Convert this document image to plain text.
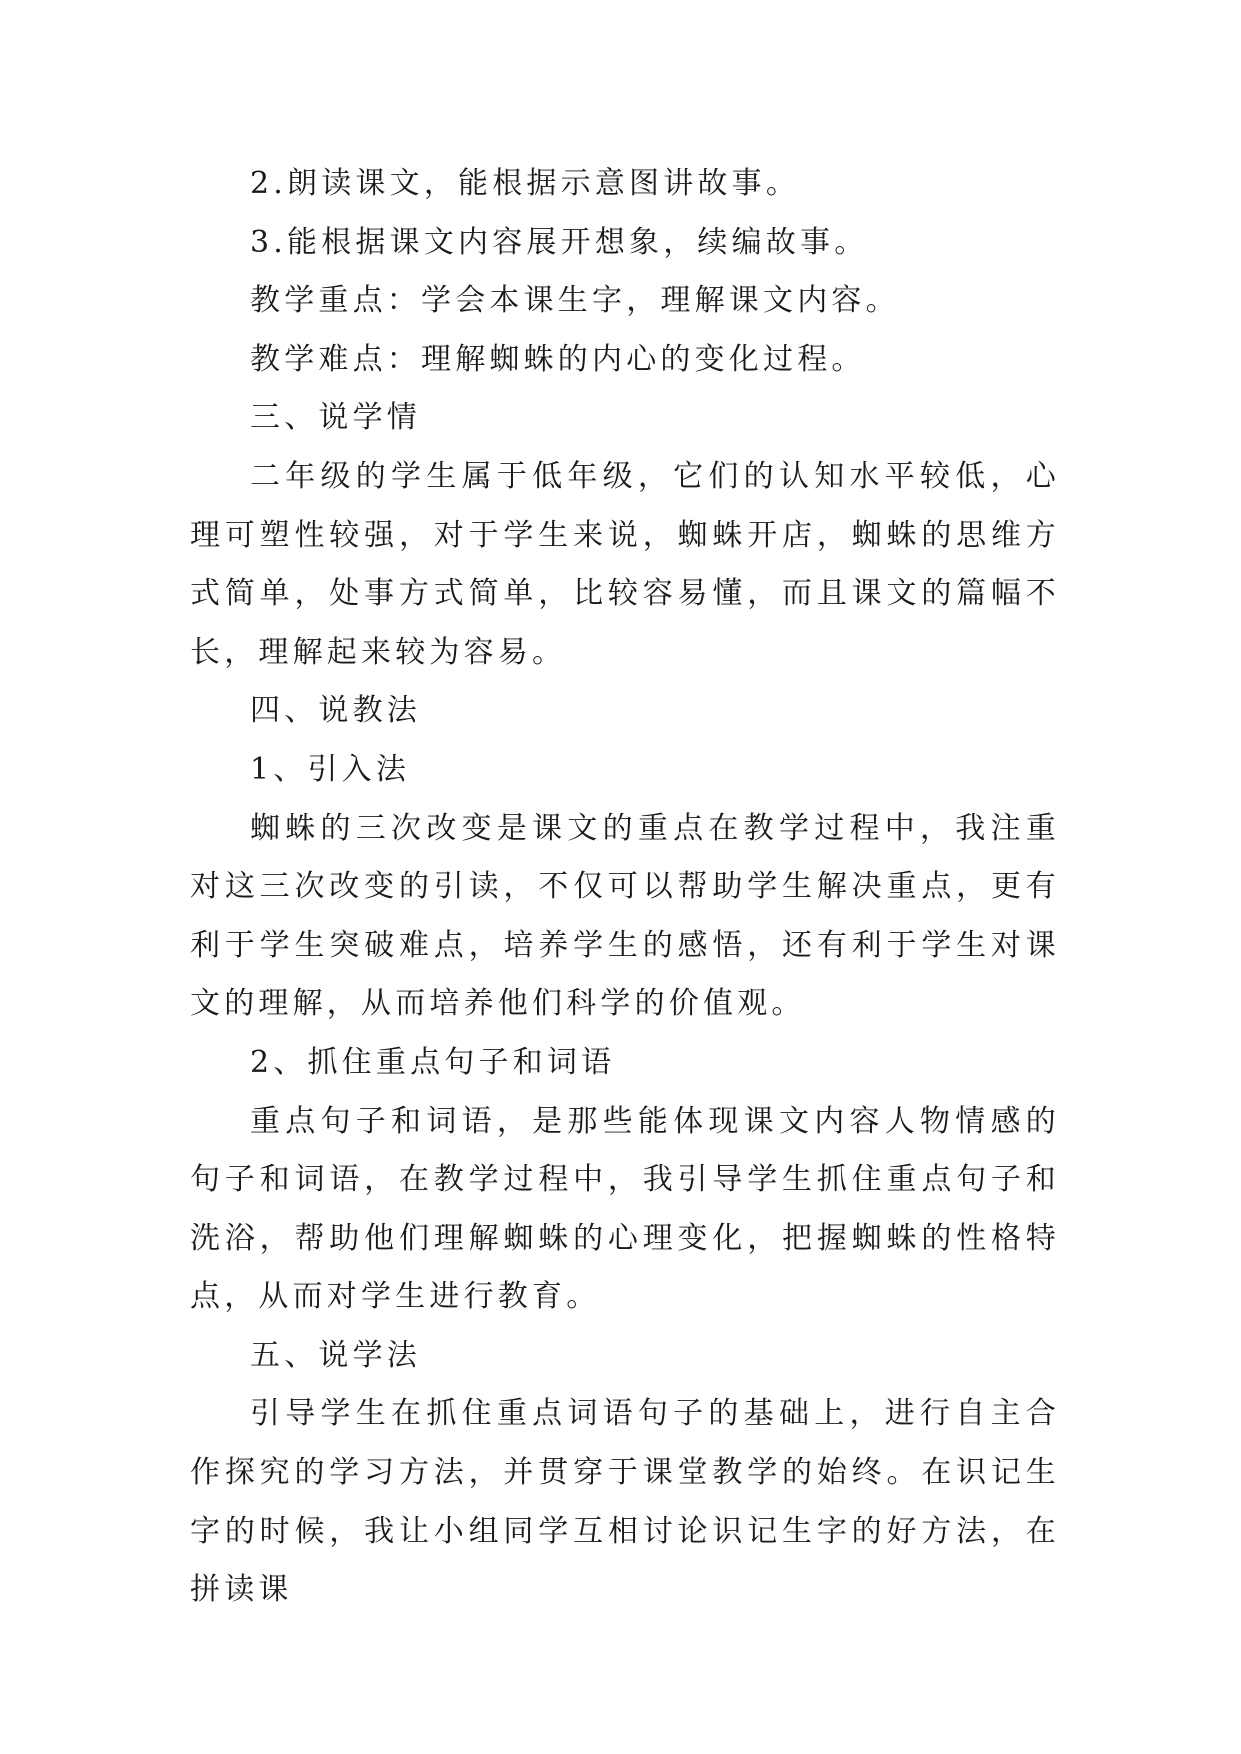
2.朗读课文，能根据示意图讲故事。

3.能根据课文内容展开想象，续编故事。

教学重点：学会本课生字，理解课文内容。

教学难点：理解蜘蛛的内心的变化过程。

三、说学情

二年级的学生属于低年级，它们的认知水平较低，心理可塑性较强，对于学生来说，蜘蛛开店，蜘蛛的思维方式简单，处事方式简单，比较容易懂，而且课文的篇幅不长，理解起来较为容易。

四、说教法

1、引入法

蜘蛛的三次改变是课文的重点在教学过程中，我注重对这三次改变的引读，不仅可以帮助学生解决重点，更有利于学生突破难点，培养学生的感悟，还有利于学生对课文的理解，从而培养他们科学的价值观。

2、抓住重点句子和词语

重点句子和词语，是那些能体现课文内容人物情感的句子和词语，在教学过程中，我引导学生抓住重点句子和洗浴，帮助他们理解蜘蛛的心理变化，把握蜘蛛的性格特点，从而对学生进行教育。

五、说学法

引导学生在抓住重点词语句子的基础上，进行自主合作探究的学习方法，并贯穿于课堂教学的始终。在识记生字的时候，我让小组同学互相讨论识记生字的好方法，在拼读课
